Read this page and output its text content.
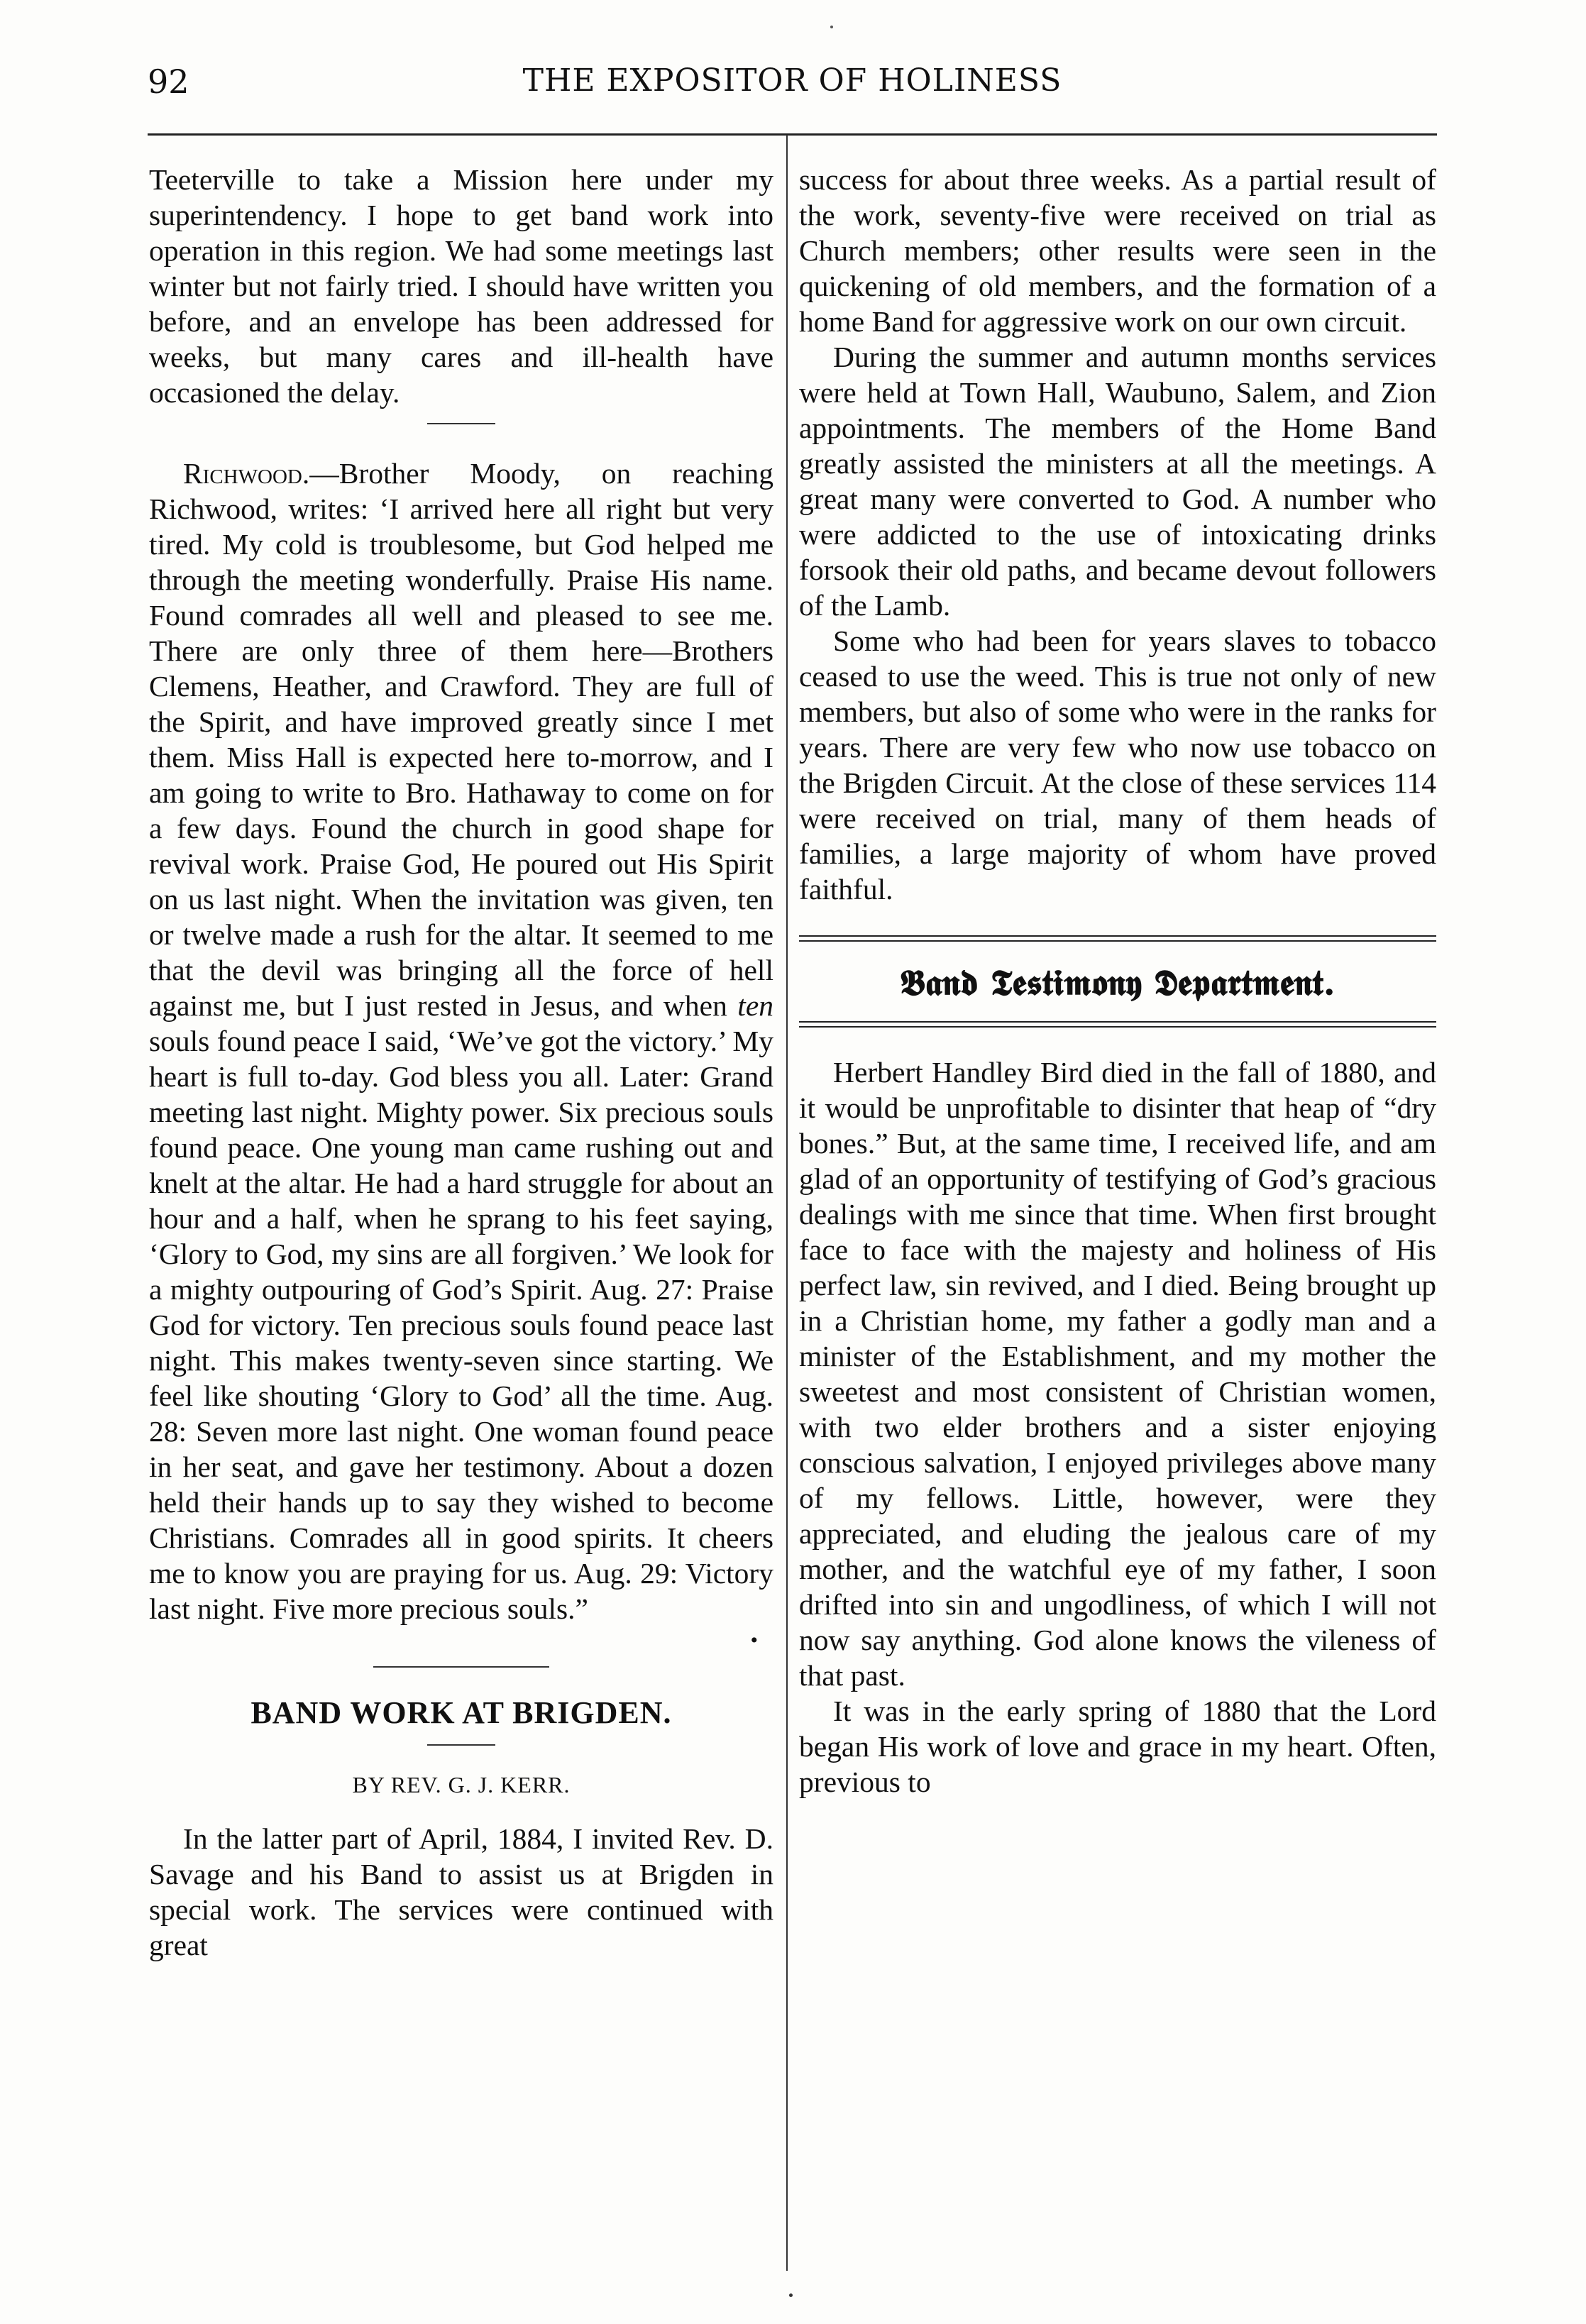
92	THE EXPOSITOR OF HOLINESS

Teeterville to take a Mission here under my superintendency. I hope to get band work into operation in this region. We had some meetings last winter but not fairly tried. I should have written you before, and an envelope has been addressed for weeks, but many cares and ill-health have occasioned the delay.

Richwood.—Brother Moody, on reaching Richwood, writes: ‘I arrived here all right but very tired. My cold is troublesome, but God helped me through the meeting wonderfully. Praise His name. Found comrades all well and pleased to see me. There are only three of them here—Brothers Clemens, Heather, and Crawford. They are full of the Spirit, and have improved greatly since I met them. Miss Hall is expected here to-morrow, and I am going to write to Bro. Hathaway to come on for a few days. Found the church in good shape for revival work. Praise God, He poured out His Spirit on us last night. When the invitation was given, ten or twelve made a rush for the altar. It seemed to me that the devil was bringing all the force of hell against me, but I just rested in Jesus, and when ten souls found peace I said, ‘We’ve got the victory.’ My heart is full to-day. God bless you all. Later: Grand meeting last night. Mighty power. Six precious souls found peace. One young man came rushing out and knelt at the altar. He had a hard struggle for about an hour and a half, when he sprang to his feet saying, ‘Glory to God, my sins are all forgiven.’ We look for a mighty outpouring of God’s Spirit. Aug. 27: Praise God for victory. Ten precious souls found peace last night. This makes twenty-seven since starting. We feel like shouting ‘Glory to God’ all the time. Aug. 28: Seven more last night. One woman found peace in her seat, and gave her testimony. About a dozen held their hands up to say they wished to become Christians. Comrades all in good spirits. It cheers me to know you are praying for us. Aug. 29: Victory last night. Five more precious souls.”

•
BAND WORK AT BRIGDEN.
BY REV. G. J. KERR.

In the latter part of April, 1884, I invited Rev. D. Savage and his Band to assist us at Brigden in special work. The services were continued with great

success for about three weeks. As a partial result of the work, seventy-five were received on trial as Church members; other results were seen in the quickening of old members, and the formation of a home Band for aggressive work on our own circuit.

During the summer and autumn months services were held at Town Hall, Waubuno, Salem, and Zion appointments. The members of the Home Band greatly assisted the ministers at all the meetings. A great many were converted to God. A number who were addicted to the use of intoxicating drinks forsook their old paths, and became devout followers of the Lamb.

Some who had been for years slaves to tobacco ceased to use the weed. This is true not only of new members, but also of some who were in the ranks for years. There are very few who now use tobacco on the Brigden Circuit. At the close of these services 114 were received on trial, many of them heads of families, a large majority of whom have proved faithful.

𝕭𝖆𝖓𝖉 𝕿𝖊𝖘𝖙𝖎𝖒𝖔𝖓𝖞 𝕯𝖊𝖕𝖆𝖗𝖙𝖒𝖊𝖓𝖙.

Herbert Handley Bird died in the fall of 1880, and it would be unprofitable to disinter that heap of “dry bones.” But, at the same time, I received life, and am glad of an opportunity of testifying of God’s gracious dealings with me since that time. When first brought face to face with the majesty and holiness of His perfect law, sin revived, and I died. Being brought up in a Christian home, my father a godly man and a minister of the Establishment, and my mother the sweetest and most consistent of Christian women, with two elder brothers and a sister enjoying conscious salvation, I enjoyed privileges above many of my fellows. Little, however, were they appreciated, and eluding the jealous care of my mother, and the watchful eye of my father, I soon drifted into sin and ungodliness, of which I will not now say anything. God alone knows the vileness of that past.

It was in the early spring of 1880 that the Lord began His work of love and grace in my heart. Often, previous to
